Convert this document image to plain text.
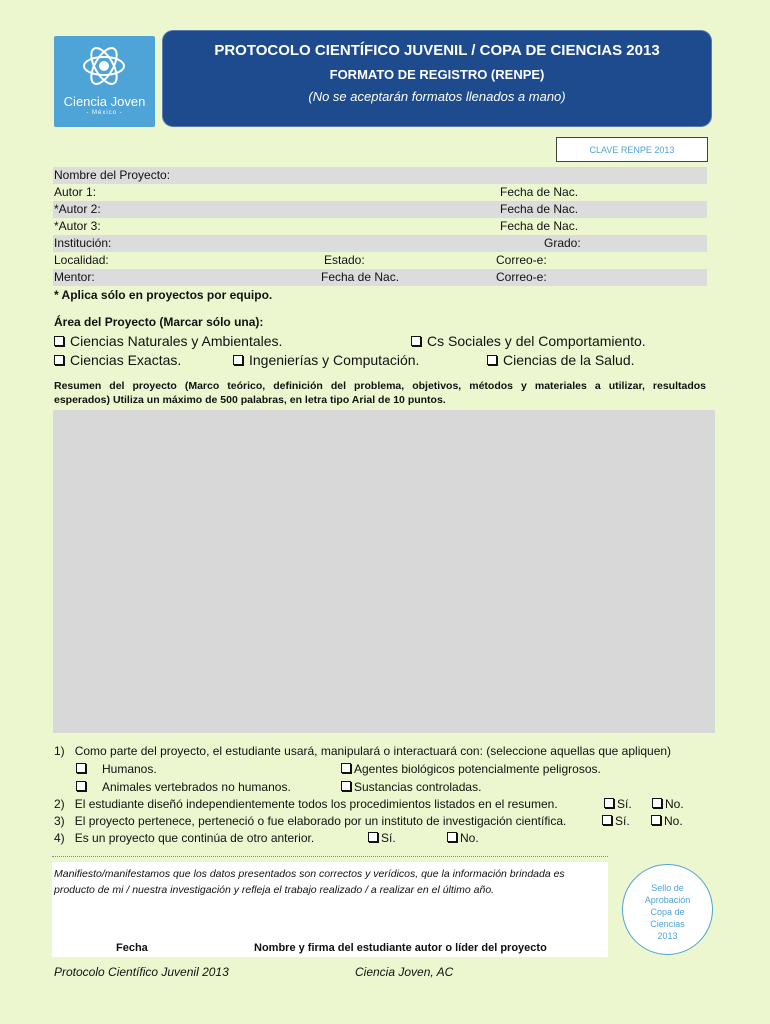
Ciencia Joven
- México -
PROTOCOLO CIENTÍFICO JUVENIL / COPA DE CIENCIAS 2013
FORMATO DE REGISTRO (RENPE)
(No se aceptarán formatos llenados a mano)
CLAVE RENPE 2013
Nombre del Proyecto:
Autor 1:	Fecha de Nac.
*Autor 2:	Fecha de Nac.
*Autor 3:	Fecha de Nac.
Institución:	Grado:
Localidad:	Estado:	Correo-e:
Mentor:	Fecha de Nac.	Correo-e:
* Aplica sólo en proyectos por equipo.
Área del Proyecto (Marcar sólo una):
Ciencias Naturales y Ambientales.	Cs Sociales y del Comportamiento.
Ciencias Exactas.	Ingenierías y Computación.	Ciencias de la Salud.
Resumen del proyecto (Marco teórico, definición del problema, objetivos, métodos y materiales a utilizar, resultados
esperados) Utiliza un máximo de 500 palabras, en letra tipo Arial de 10 puntos.
1) Como parte del proyecto, el estudiante usará, manipulará o interactuará con: (seleccione aquellas que apliquen)
Humanos.	Agentes biológicos potencialmente peligrosos.
Animales vertebrados no humanos.	Sustancias controladas.
2) El estudiante diseñó independientemente todos los procedimientos listados en el resumen.	Sí.	No.
3) El proyecto pertenece, perteneció o fue elaborado por un instituto de investigación científica.	Sí.	No.
4) Es un proyecto que continúa de otro anterior.	Sí.	No.
Manifiesto/manifestamos que los datos presentados son correctos y verídicos, que la información brindada es
producto de mi / nuestra investigación y refleja el trabajo realizado / a realizar en el último año.
Fecha	Nombre y firma del estudiante autor o líder del proyecto
Sello de
Aprobación
Copa de
Ciencias
2013
Protocolo Científico Juvenil 2013	Ciencia Joven, AC
